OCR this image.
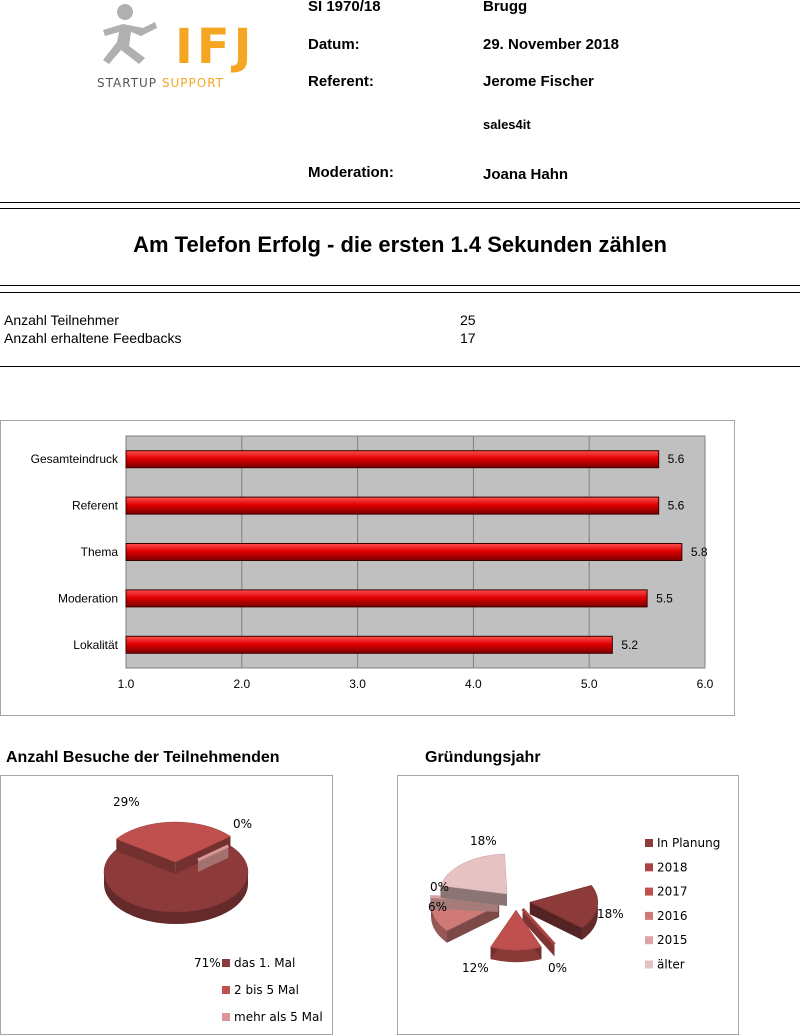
IFJ
STARTUP SUPPORT
SI 1970/18	Brugg
Datum:	29. November 2018
Referent:	Jerome Fischer
sales4it
Moderation:	Joana Hahn
Am Telefon Erfolg - die ersten 1.4 Sekunden zählen
Anzahl Teilnehmer	25
Anzahl erhaltene Feedbacks	17
1.0	2.0	3.0	4.0	5.0	6.0
Gesamteindruck	5.6
Referent	5.6
Thema	5.8
Moderation	5.5
Lokalität	5.2
Anzahl Besuche der Teilnehmenden
29%
0%
71% das 1. Mal
2 bis 5 Mal
mehr als 5 Mal
Gründungsjahr
18%
0%
6%	18%
12%	0%
In Planung
2018
2017
2016
2015
älter
